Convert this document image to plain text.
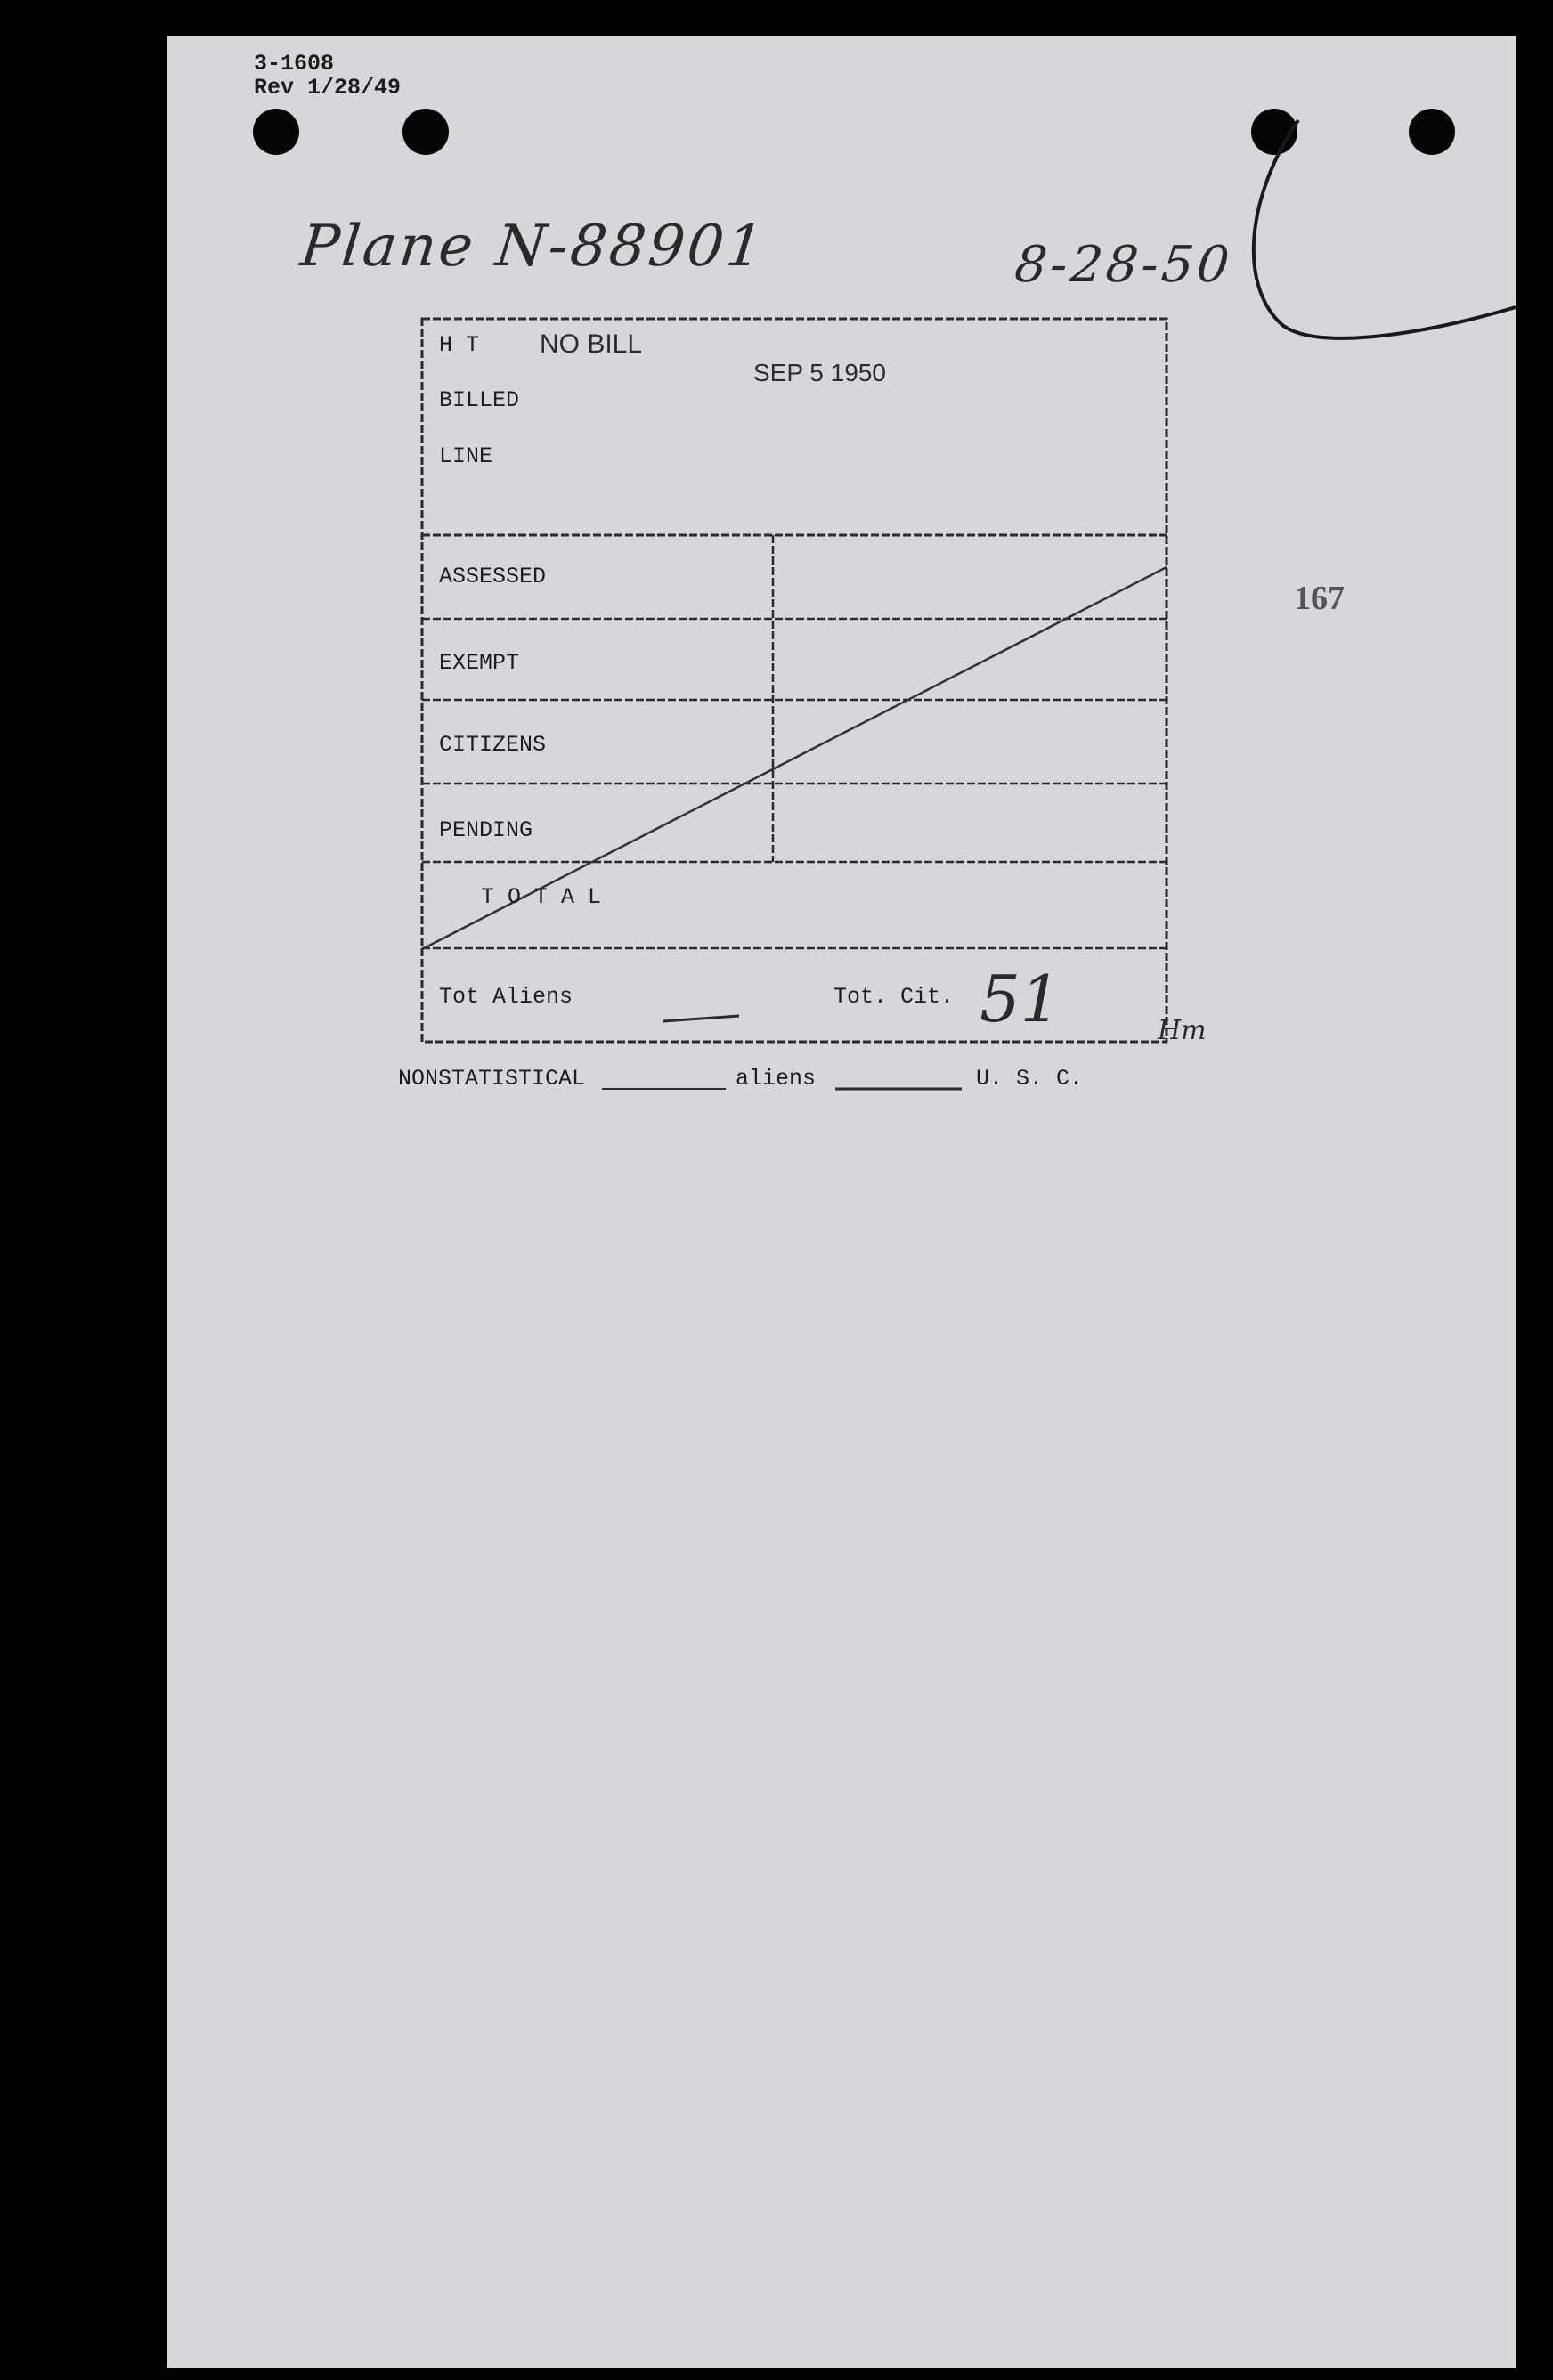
3-1608
Rev 1/28/49
Plane N-88901	8-28-50
H T NO BILL
SEP 5 1950
BILLED
LINE
ASSESSED
EXEMPT
CITIZENS
PENDING
T O T A L
Tot Aliens	Tot. Cit. 51	Hm
NONSTATISTICAL	aliens	U. S. C.
167
